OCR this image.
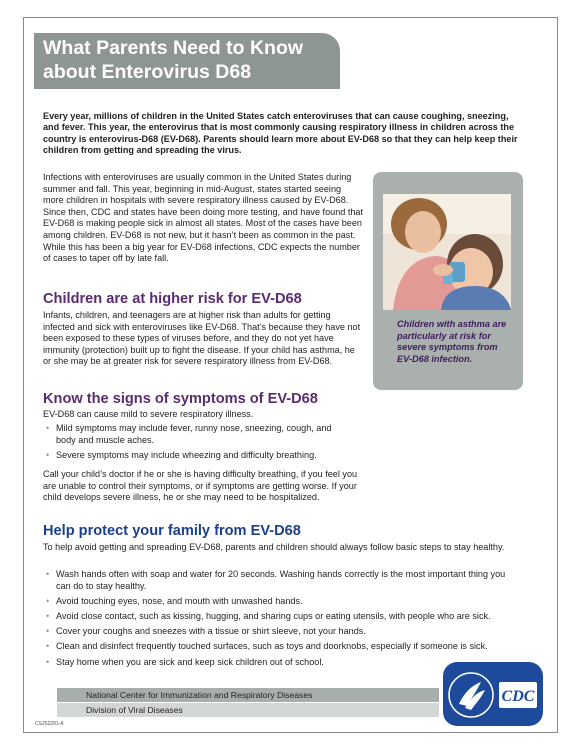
What Parents Need to Know
about Enterovirus D68

Every year, millions of children in the United States catch enteroviruses that can cause coughing, sneezing, and fever. This year, the enterovirus that is most commonly causing respiratory illness in children across the country is enterovirus-D68 (EV-D68). Parents should learn more about EV-D68 so that they can help keep their children from getting and spreading the virus.

Infections with enteroviruses are usually common in the United States during summer and fall. This year, beginning in mid-August, states started seeing more children in hospitals with severe respiratory illness caused by EV-D68. Since then, CDC and states have been doing more testing, and have found that EV-D68 is making people sick in almost all states. Most of the cases have been among children. EV-D68 is not new, but it hasn’t been as common in the past. While this has been a big year for EV-D68 infections, CDC expects the number of cases to taper off by late fall.

Children are at higher risk for EV-D68

Infants, children, and teenagers are at higher risk than adults for getting infected and sick with enteroviruses like EV-D68. That’s because they have not been exposed to these types of viruses before, and they do not yet have immunity (protection) built up to fight the disease. If your child has asthma, he or she may be at greater risk for severe respiratory illness from EV-D68.

Children with asthma are particularly at risk for severe symptoms from EV-D68 infection.

Know the signs of symptoms of EV-D68

EV-D68 can cause mild to severe respiratory illness.

• Mild symptoms may include fever, runny nose, sneezing, cough, and body and muscle aches.
• Severe symptoms may include wheezing and difficulty breathing.

Call your child’s doctor if he or she is having difficulty breathing, if you feel you are unable to control their symptoms, or if symptoms are getting worse. If your child develops severe illness, he or she may need to be hospitalized.

Help protect your family from EV-D68

To help avoid getting and spreading EV-D68, parents and children should always follow basic steps to stay healthy.

• Wash hands often with soap and water for 20 seconds. Washing hands correctly is the most important thing you can do to stay healthy.
• Avoid touching eyes, nose, and mouth with unwashed hands.
• Avoid close contact, such as kissing, hugging, and sharing cups or eating utensils, with people who are sick.
• Cover your coughs and sneezes with a tissue or shirt sleeve, not your hands.
• Clean and disinfect frequently touched surfaces, such as toys and doorknobs, especially if someone is sick.
• Stay home when you are sick and keep sick children out of school.

National Center for Immunization and Respiratory Diseases

Division of Viral Diseases

CS252281-A

CDC
